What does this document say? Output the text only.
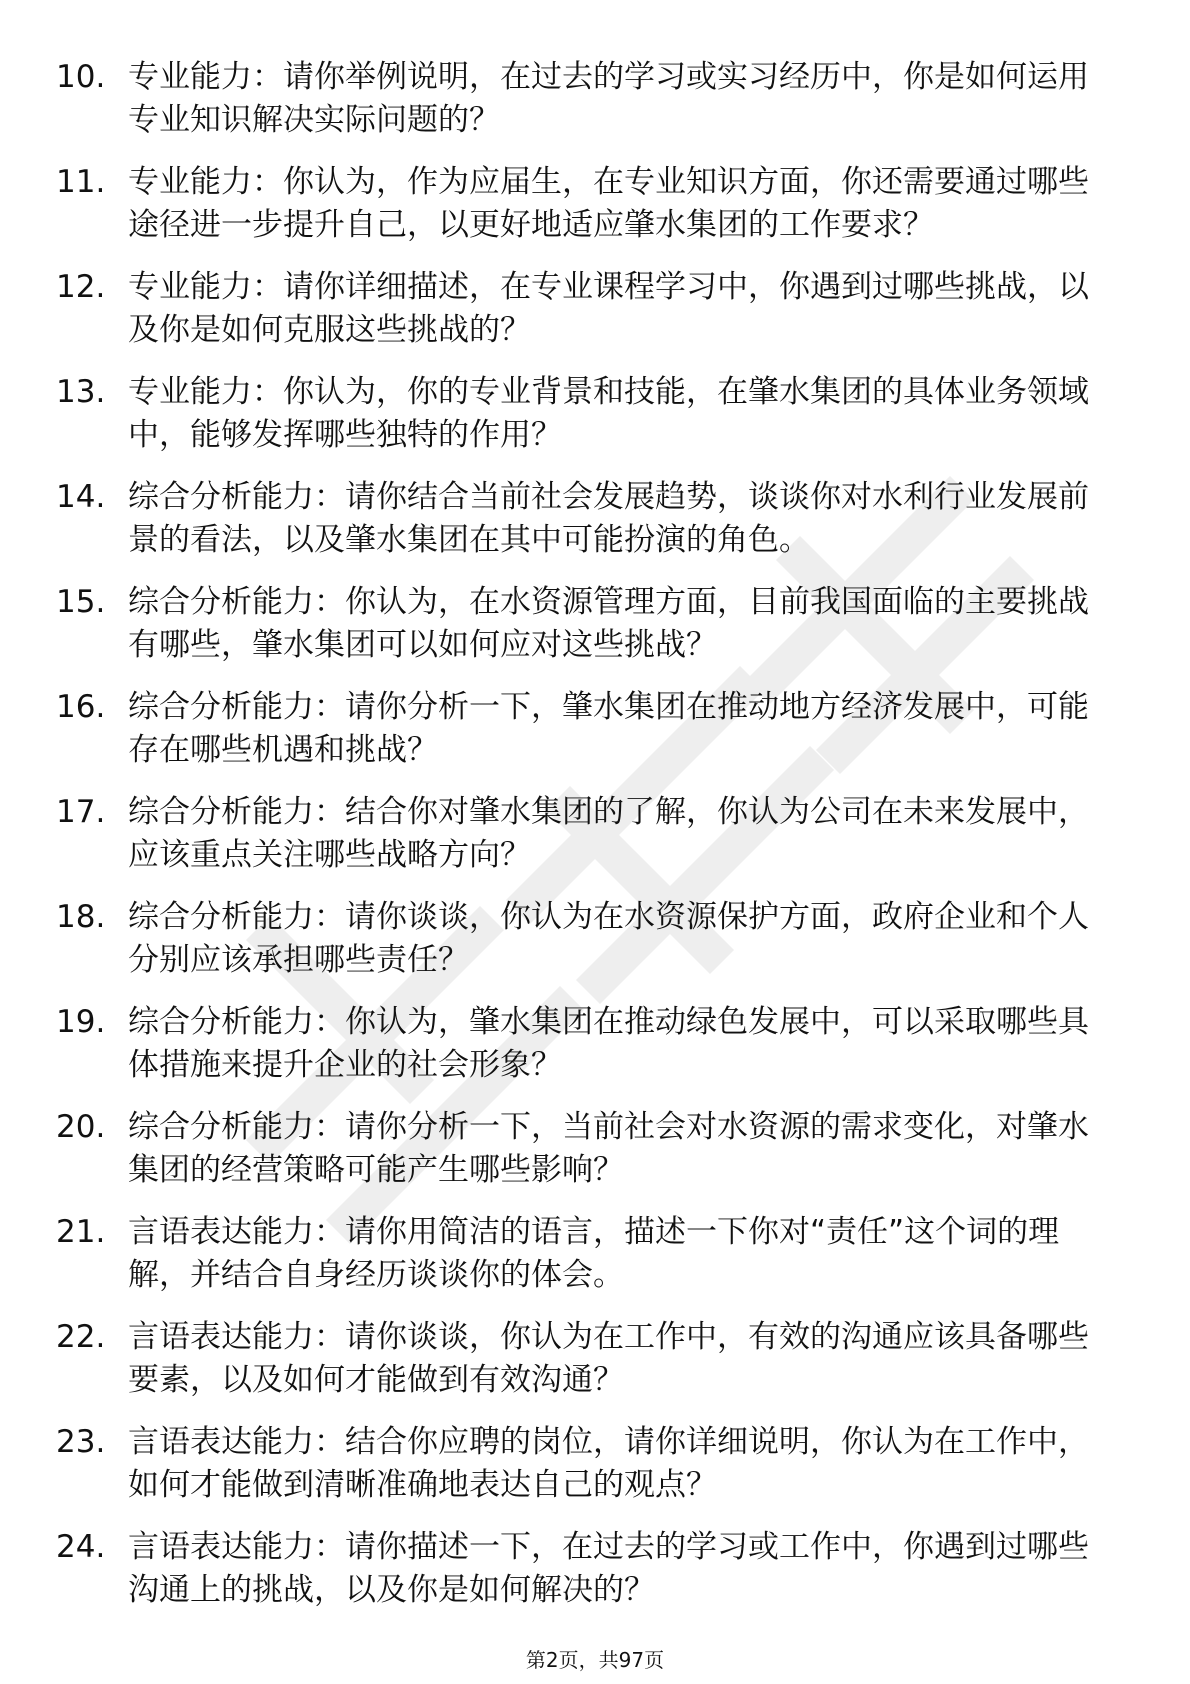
10. 专业能力：请你举例说明，在过去的学习或实习经历中，你是如何运用专业知识解决实际问题的？
11. 专业能力：你认为，作为应届生，在专业知识方面，你还需要通过哪些途径进一步提升自己，以更好地适应肇水集团的工作要求？
12. 专业能力：请你详细描述，在专业课程学习中，你遇到过哪些挑战，以及你是如何克服这些挑战的？
13. 专业能力：你认为，你的专业背景和技能，在肇水集团的具体业务领域中，能够发挥哪些独特的作用？
14. 综合分析能力：请你结合当前社会发展趋势，谈谈你对水利行业发展前景的看法，以及肇水集团在其中可能扮演的角色。
15. 综合分析能力：你认为，在水资源管理方面，目前我国面临的主要挑战有哪些，肇水集团可以如何应对这些挑战？
16. 综合分析能力：请你分析一下，肇水集团在推动地方经济发展中，可能存在哪些机遇和挑战？
17. 综合分析能力：结合你对肇水集团的了解，你认为公司在未来发展中，应该重点关注哪些战略方向？
18. 综合分析能力：请你谈谈，你认为在水资源保护方面，政府企业和个人分别应该承担哪些责任？
19. 综合分析能力：你认为，肇水集团在推动绿色发展中，可以采取哪些具体措施来提升企业的社会形象？
20. 综合分析能力：请你分析一下，当前社会对水资源的需求变化，对肇水集团的经营策略可能产生哪些影响？
21. 言语表达能力：请你用简洁的语言，描述一下你对“责任”这个词的理解，并结合自身经历谈谈你的体会。
22. 言语表达能力：请你谈谈，你认为在工作中，有效的沟通应该具备哪些要素，以及如何才能做到有效沟通？
23. 言语表达能力：结合你应聘的岗位，请你详细说明，你认为在工作中，如何才能做到清晰准确地表达自己的观点？
24. 言语表达能力：请你描述一下，在过去的学习或工作中，你遇到过哪些沟通上的挑战，以及你是如何解决的？
第2页，共97页
